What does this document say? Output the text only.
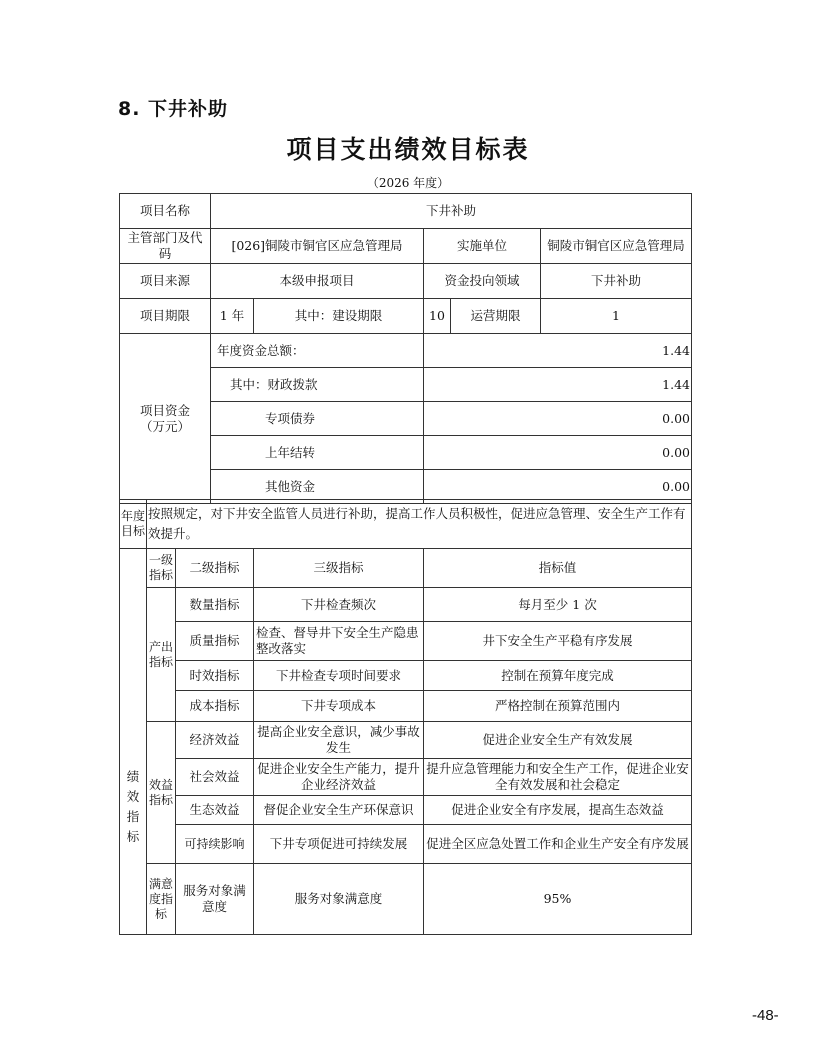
8. 下井补助
项目支出绩效目标表
（2026 年度）
项目名称	下井补助				
主管部门及代码	[026]铜陵市铜官区应急管理局		实施单位		铜陵市铜官区应急管理局
项目来源	本级申报项目		资金投向领域		下井补助
项目期限	1 年	其中：建设期限	10	运营期限	1
项目资金
（万元）	年度资金总额：	1.44
	其中：财政拨款	1.44
	专项债券	0.00
	上年结转	0.00
	其他资金	0.00
年度目标	按照规定，对下井安全监管人员进行补助，提高工作人员积极性，促进应急管理、安全生产工作有效提升。			

绩效指标	一级指标	二级指标	三级指标	指标值
	产出指标	数量指标	下井检查频次	每月至少 1 次
		质量指标	检查、督导井下安全生产隐患整改落实	井下安全生产平稳有序发展
		时效指标	下井检查专项时间要求	控制在预算年度完成
		成本指标	下井专项成本	严格控制在预算范围内
	效益指标	经济效益	提高企业安全意识，减少事故发生	促进企业安全生产有效发展
		社会效益	促进企业安全生产能力，提升企业经济效益	提升应急管理能力和安全生产工作，促进企业安全有效发展和社会稳定
		生态效益	督促企业安全生产环保意识	促进企业安全有序发展，提高生态效益
		可持续影响	下井专项促进可持续发展	促进全区应急处置工作和企业生产安全有序发展
	满意度指标	服务对象满意度	服务对象满意度	95%
-48-
